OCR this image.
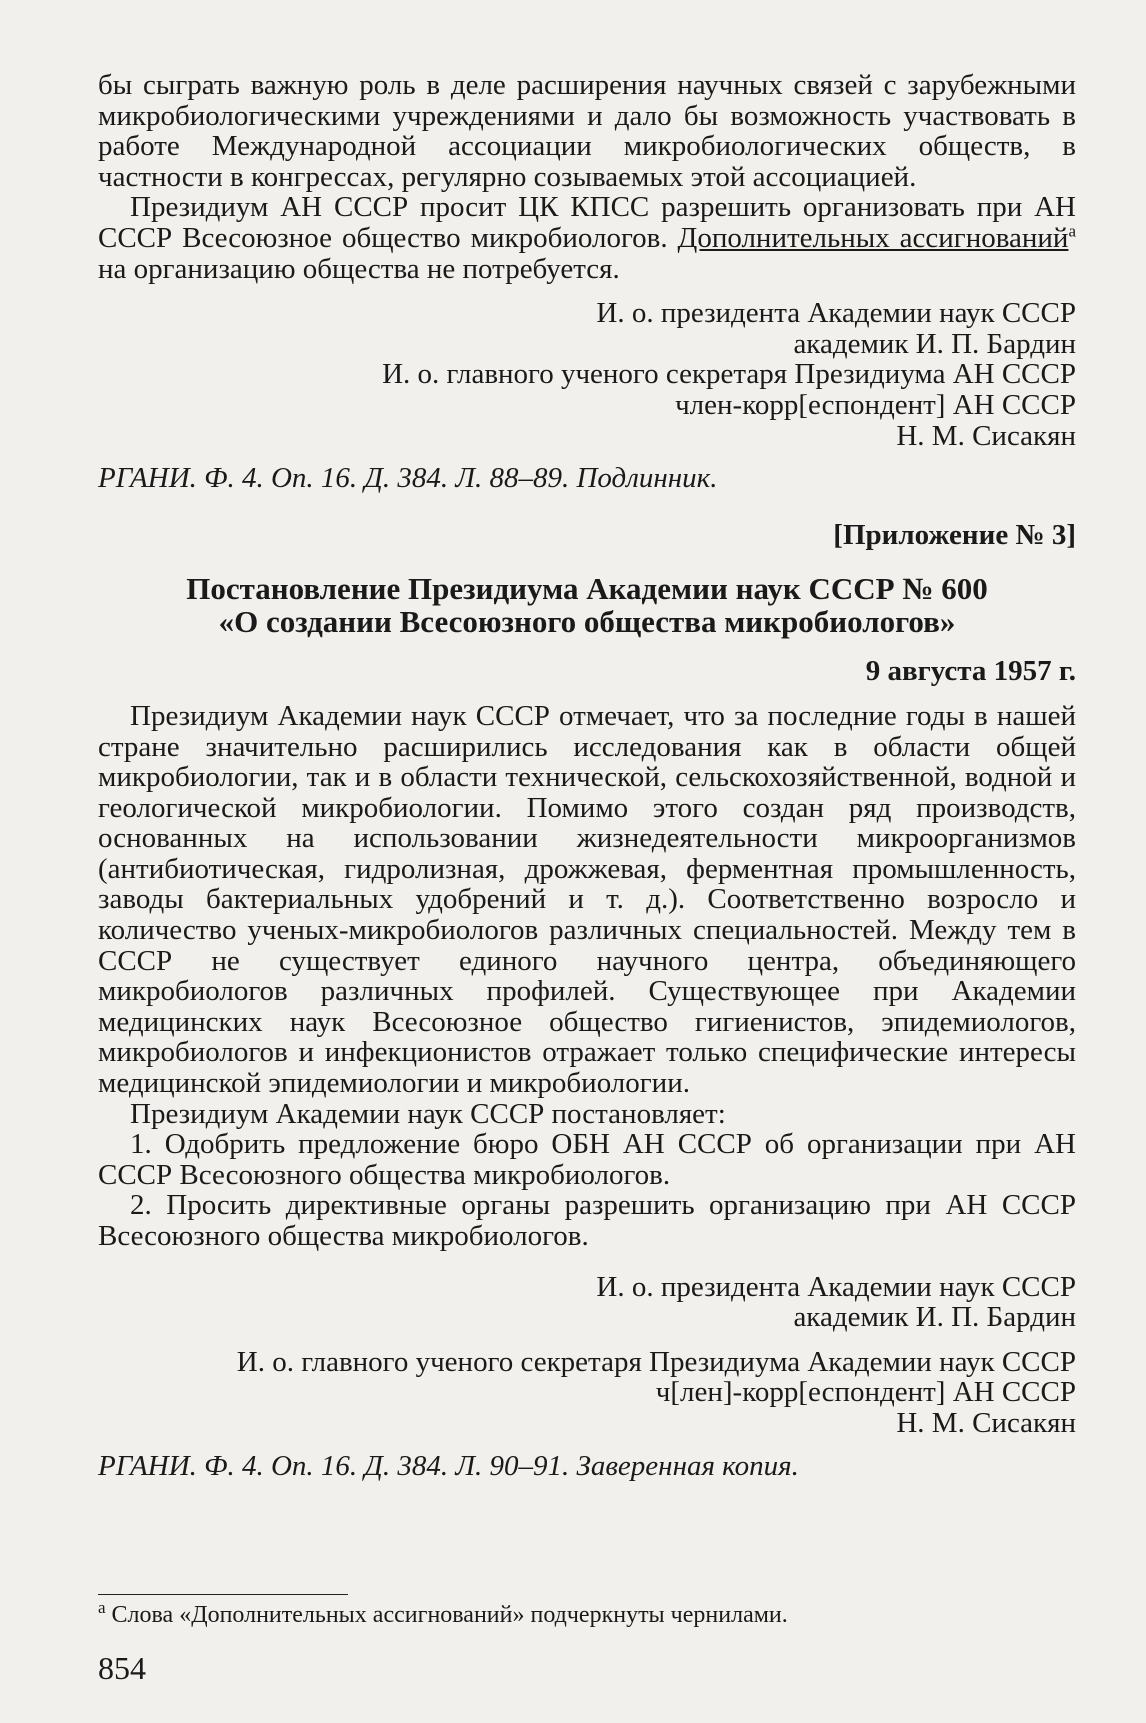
бы сыграть важную роль в деле расширения научных связей с зарубежными микробиологическими учреждениями и дало бы возможность участвовать в работе Международной ассоциации микробиологических обществ, в частности в конгрессах, регулярно созываемых этой ассоциацией.

Президиум АН СССР просит ЦК КПСС разрешить организовать при АН СССР Всесоюзное общество микробиологов. Дополнительных ассигнований$^а$ на организацию общества не потребуется.

И. о. президента Академии наук СССР

академик И. П. Бардин

И. о. главного ученого секретаря Президиума АН СССР

член-корр[еспондент] АН СССР

Н. М. Сисакян

РГАНИ. Ф. 4. Оп. 16. Д. 384. Л. 88–89. Подлинник.

[Приложение № 3]

Постановление Президиума Академии наук СССР № 600

«О создании Всесоюзного общества микробиологов»

9 августа 1957 г.

Президиум Академии наук СССР отмечает, что за последние годы в нашей стране значительно расширились исследования как в области общей микробиологии, так и в области технической, сельскохозяйственной, водной и геологической микробиологии. Помимо этого создан ряд производств, основанных на использовании жизнедеятельности микроорганизмов (антибиотическая, гидролизная, дрожжевая, ферментная промышленность, заводы бактериальных удобрений и т. д.). Соответственно возросло и количество ученых-микробиологов различных специальностей. Между тем в СССР не существует единого научного центра, объединяющего микробиологов различных профилей. Существующее при Академии медицинских наук Всесоюзное общество гигиенистов, эпидемиологов, микробиологов и инфекционистов отражает только специфические интересы медицинской эпидемиологии и микробиологии.

Президиум Академии наук СССР постановляет:

1. Одобрить предложение бюро ОБН АН СССР об организации при АН СССР Всесоюзного общества микробиологов.

2. Просить директивные органы разрешить организацию при АН СССР Всесоюзного общества микробиологов.

И. о. президента Академии наук СССР

академик И. П. Бардин

И. о. главного ученого секретаря Президиума Академии наук СССР

ч[лен]-корр[еспондент] АН СССР

Н. М. Сисакян

РГАНИ. Ф. 4. Оп. 16. Д. 384. Л. 90–91. Заверенная копия.

$^а$ Слова «Дополнительных ассигнований» подчеркнуты чернилами.

854
